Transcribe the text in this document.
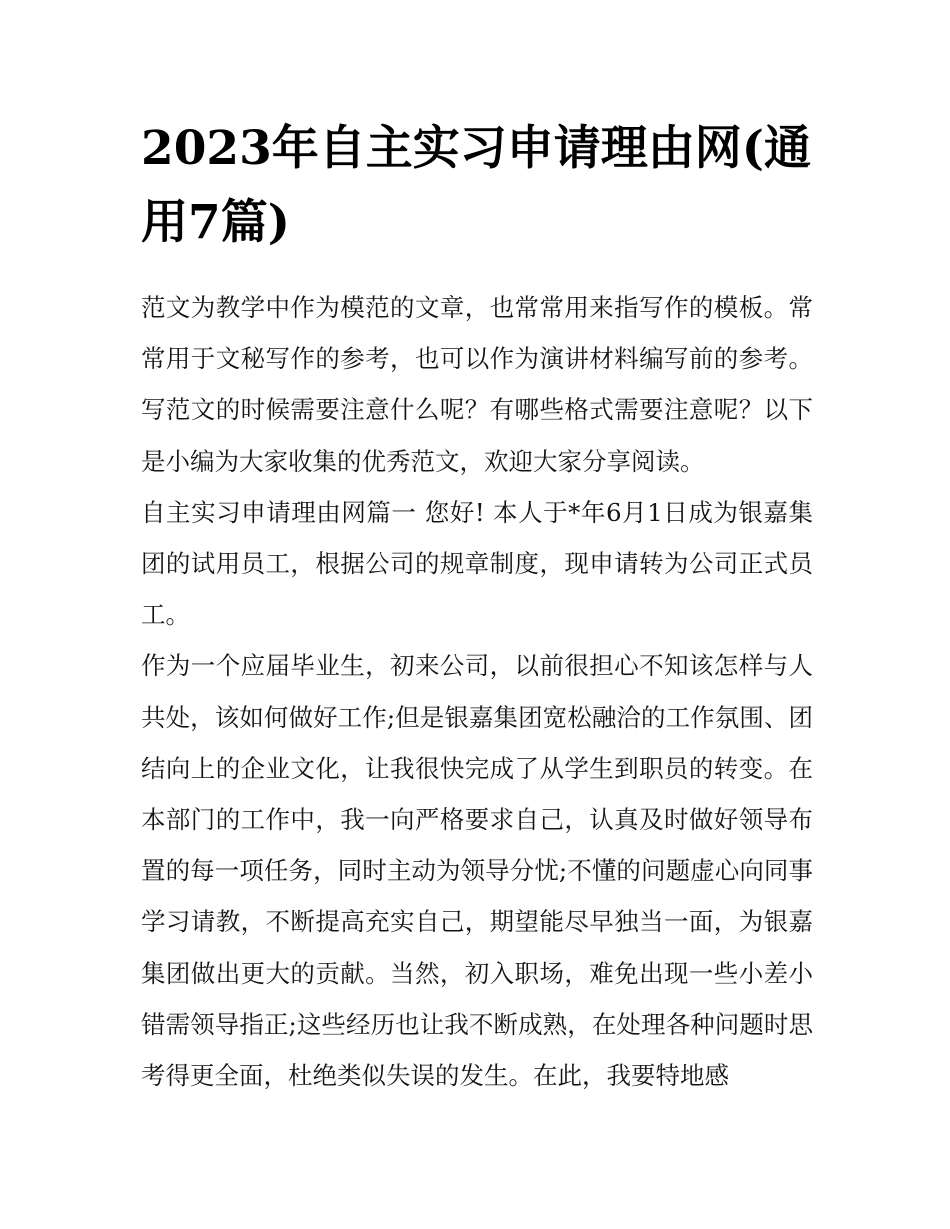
2023年自主实习申请理由网(通用7篇)

范文为教学中作为模范的文章，也常常用来指写作的模板。常常用于文秘写作的参考，也可以作为演讲材料编写前的参考。写范文的时候需要注意什么呢？有哪些格式需要注意呢？以下是小编为大家收集的优秀范文，欢迎大家分享阅读。

自主实习申请理由网篇一 您好! 本人于*年6月1日成为银嘉集团的试用员工，根据公司的规章制度，现申请转为公司正式员工。

作为一个应届毕业生，初来公司，以前很担心不知该怎样与人共处，该如何做好工作;但是银嘉集团宽松融洽的工作氛围、团结向上的企业文化，让我很快完成了从学生到职员的转变。在本部门的工作中，我一向严格要求自己，认真及时做好领导布置的每一项任务，同时主动为领导分忧;不懂的问题虚心向同事学习请教，不断提高充实自己，期望能尽早独当一面，为银嘉集团做出更大的贡献。当然，初入职场，难免出现一些小差小错需领导指正;这些经历也让我不断成熟，在处理各种问题时思考得更全面，杜绝类似失误的发生。在此，我要特地感
